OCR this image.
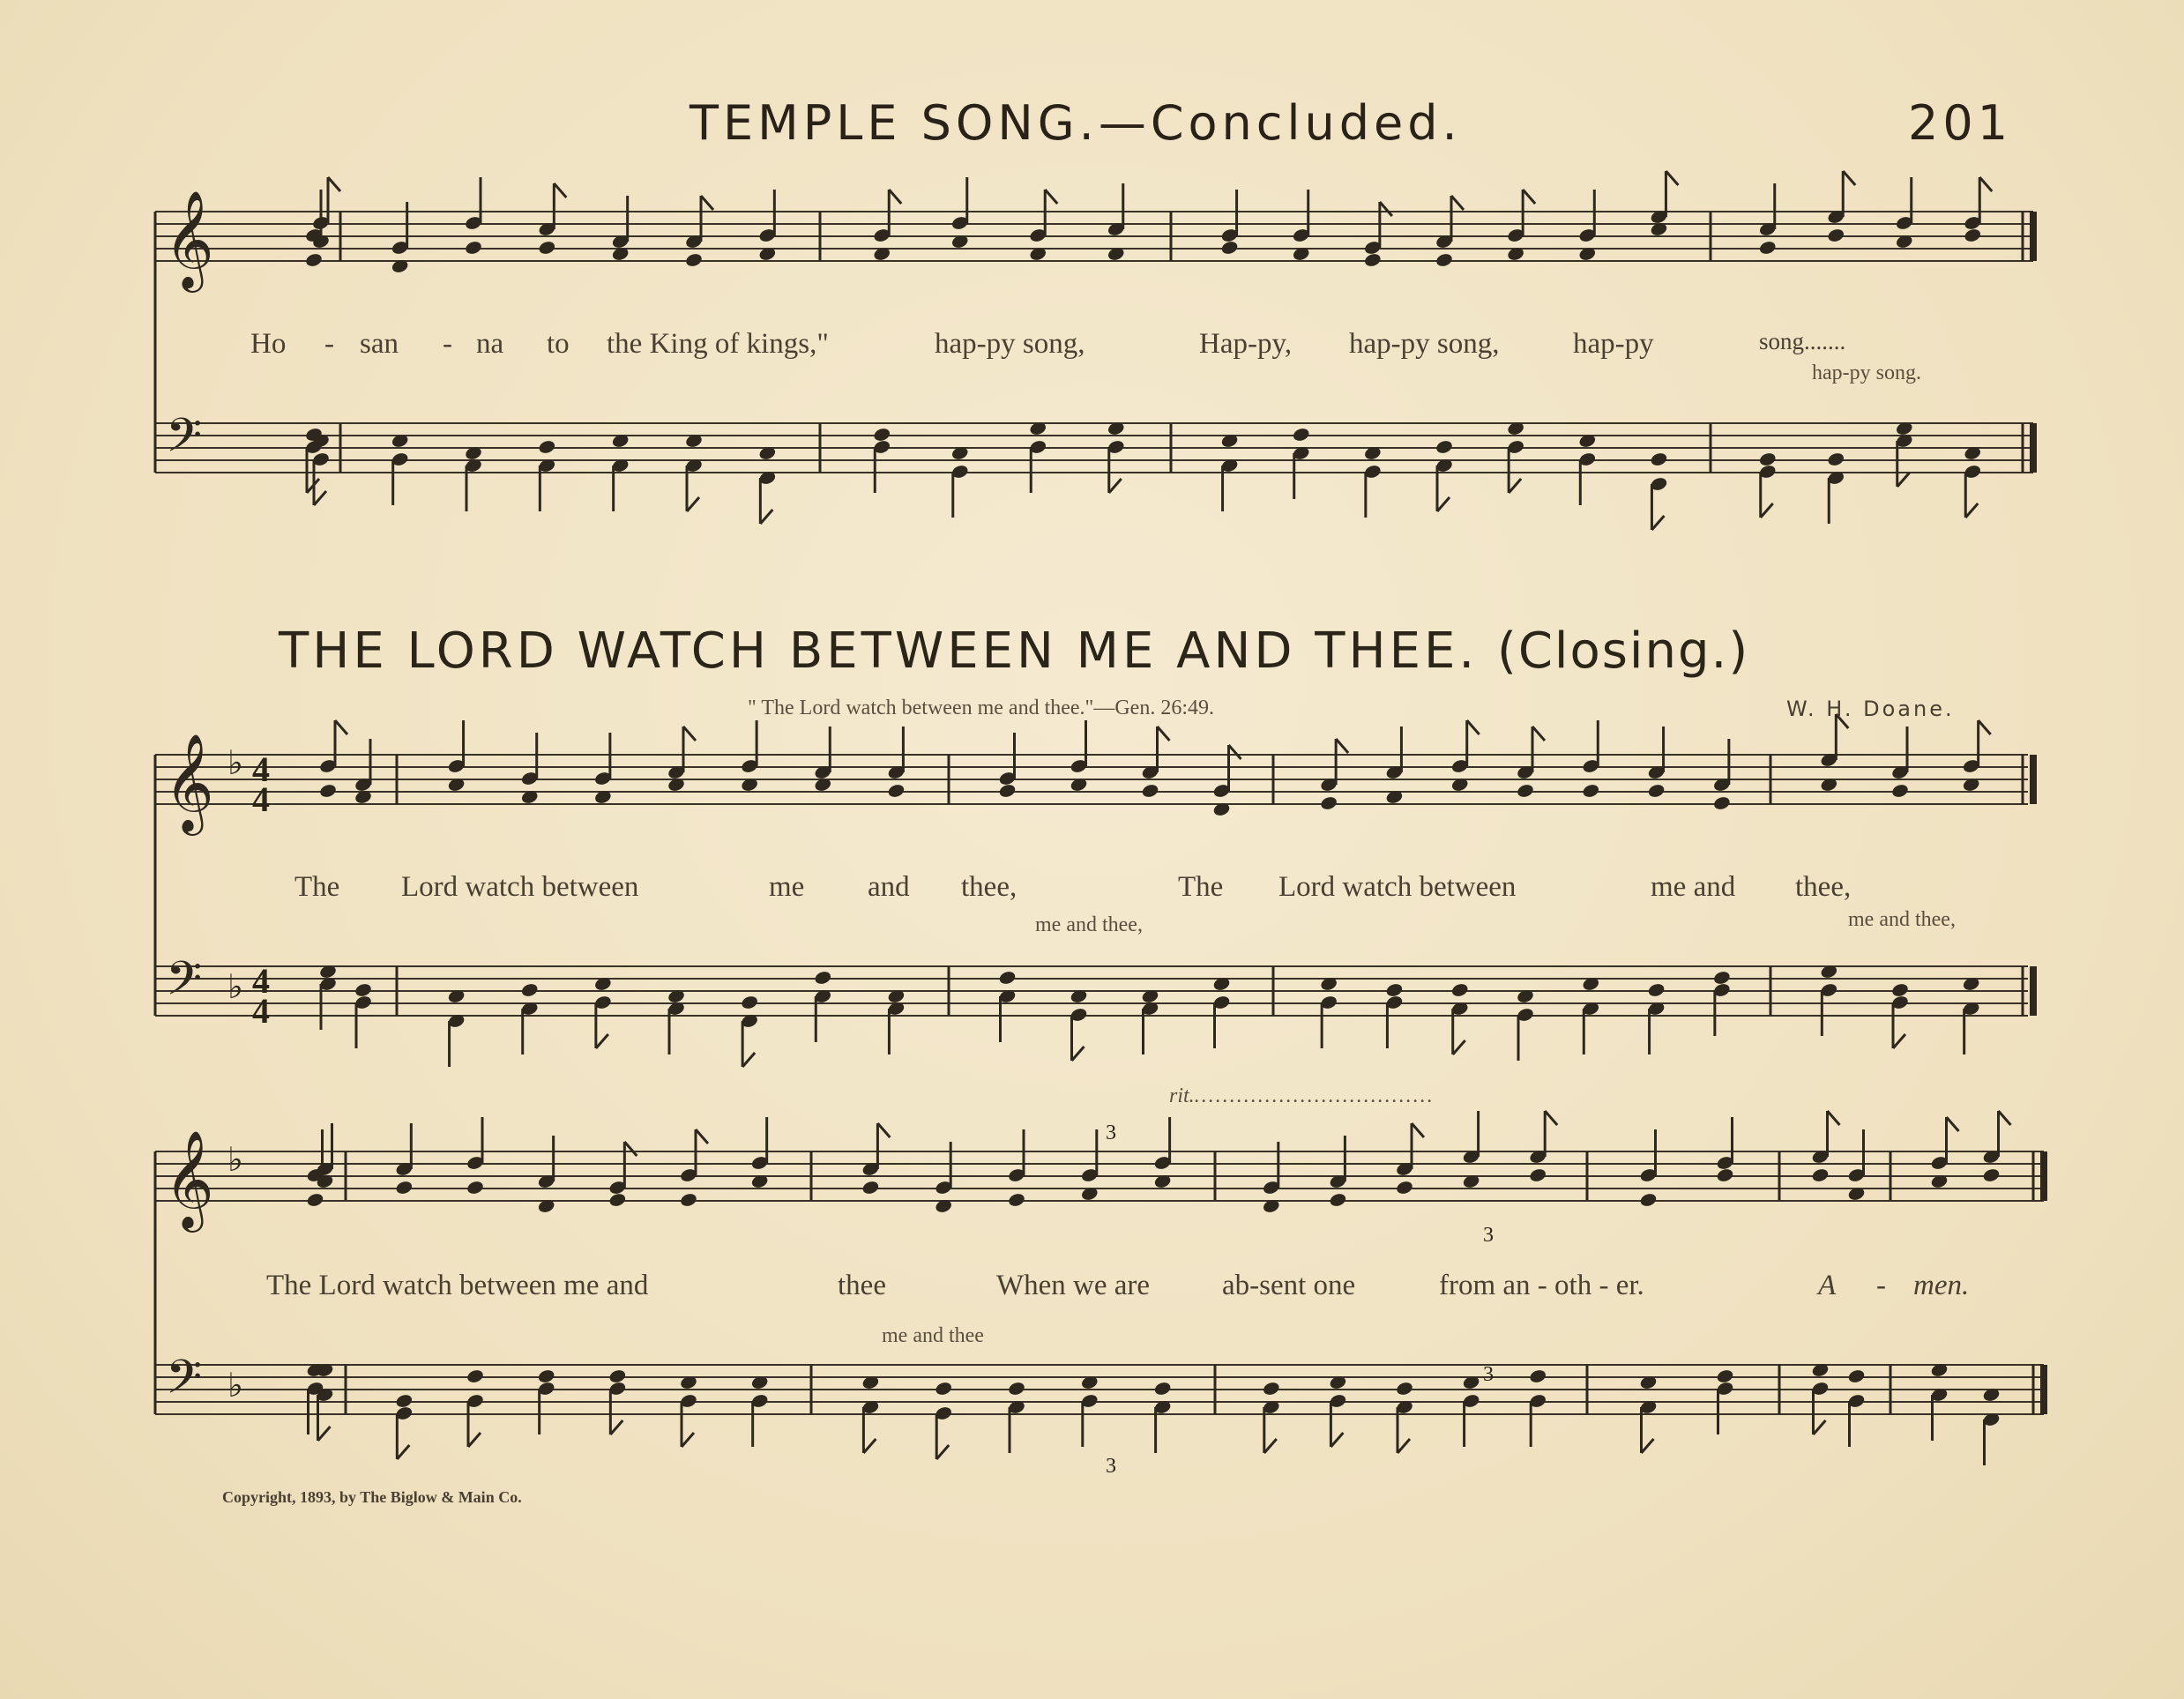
𝄞
𝄢
𝄞 ♭
𝄢 ♭
𝄞 ♭
𝄢 ♭
TEMPLE SONG.—Concluded.	201
Ho - san - na to the King of kings,"	hap-py song,	Hap-py, hap-py song,	hap-py	song.......
hap-py song.
THE LORD WATCH BETWEEN ME AND THEE. (Closing.)
" The Lord watch between me and thee."—Gen. 26:49.	W. H. Doane.
4
4
4
4
The Lord watch between	me and thee,	The Lord watch between	me and thee,
me and thee,	me and thee,
rit...................................
The Lord watch between me and	thee	When we are ab-sent one	from an - oth - er.	A - men.
me and thee
3
3
3
3
Copyright, 1893, by The Biglow & Main Co.
